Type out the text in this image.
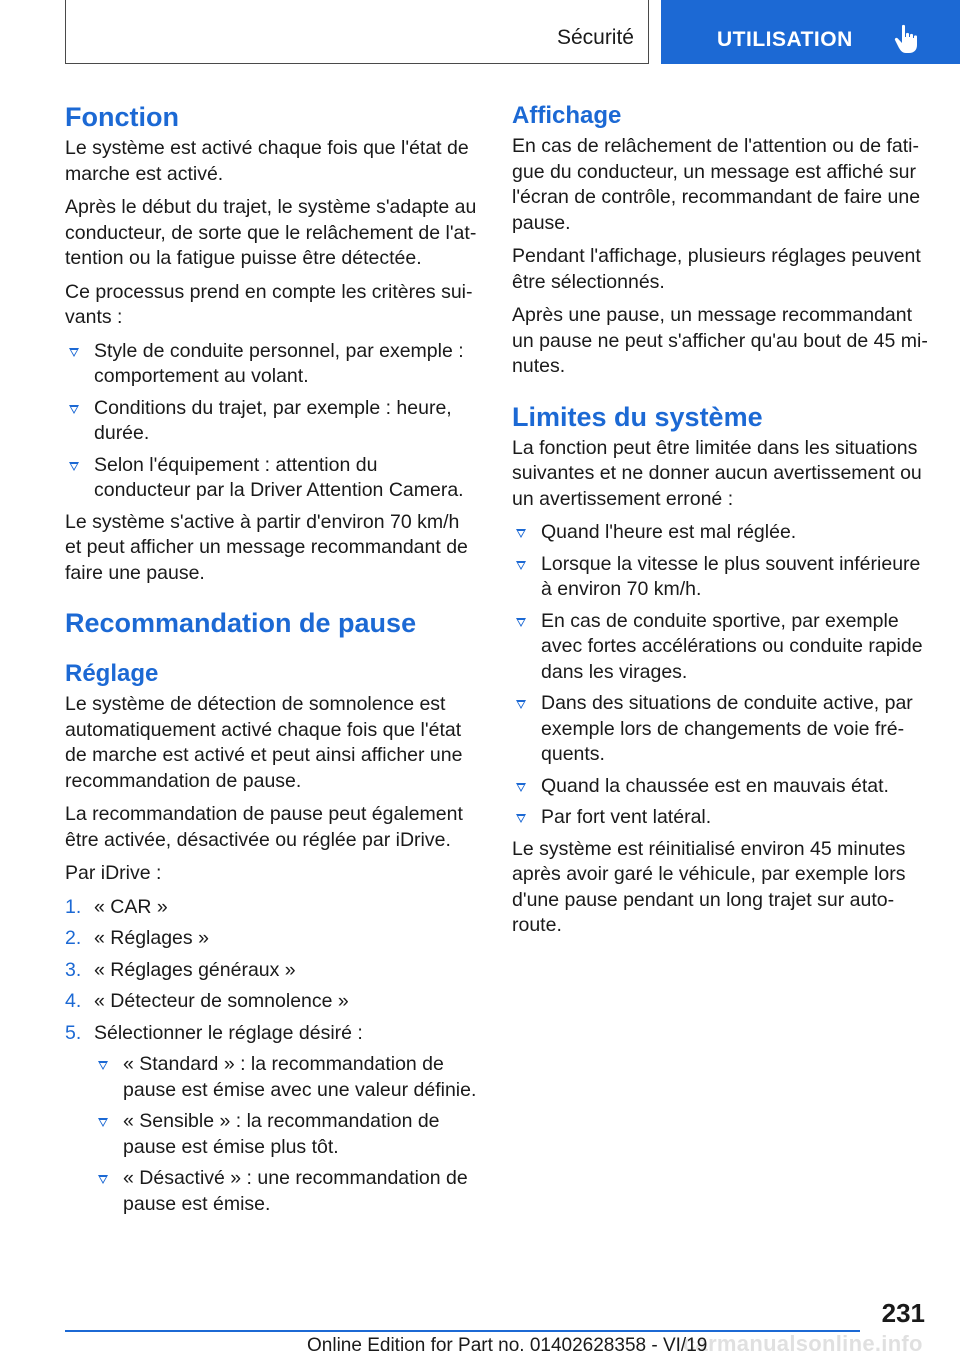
Sécurité	UTILISATION
Fonction

Le système est activé chaque fois que l'état de marche est activé.

Après le début du trajet, le système s'adapte au conducteur, de sorte que le relâchement de l'attention ou la fatigue puisse être détectée.

Ce processus prend en compte les critères suivants :

Style de conduite personnel, par exemple : comportement au volant.
Conditions du trajet, par exemple : heure, durée.
Selon l'équipement : attention du conducteur par la Driver Attention Camera.

Le système s'active à partir d'environ 70 km/h et peut afficher un message recommandant de faire une pause.

Recommandation de pause
Réglage

Le système de détection de somnolence est automatiquement activé chaque fois que l'état de marche est activé et peut ainsi afficher une recommandation de pause.

La recommandation de pause peut également être activée, désactivée ou réglée par iDrive.

Par iDrive :

1. « CAR »
2. « Réglages »
3. « Réglages généraux »
4. « Détecteur de somnolence »
5. Sélectionner le réglage désiré :
« Standard » : la recommandation de pause est émise avec une valeur définie.
« Sensible » : la recommandation de pause est émise plus tôt.
« Désactivé » : une recommandation de pause est émise.
Affichage

En cas de relâchement de l'attention ou de fatigue du conducteur, un message est affiché sur l'écran de contrôle, recommandant de faire une pause.

Pendant l'affichage, plusieurs réglages peuvent être sélectionnés.

Après une pause, un message recommandant un pause ne peut s'afficher qu'au bout de 45 minutes.

Limites du système

La fonction peut être limitée dans les situations suivantes et ne donner aucun avertissement ou un avertissement erroné :

Quand l'heure est mal réglée.
Lorsque la vitesse le plus souvent inférieure à environ 70 km/h.
En cas de conduite sportive, par exemple avec fortes accélérations ou conduite rapide dans les virages.
Dans des situations de conduite active, par exemple lors de changements de voie fréquents.
Quand la chaussée est en mauvais état.
Par fort vent latéral.

Le système est réinitialisé environ 45 minutes après avoir garé le véhicule, par exemple lors d'une pause pendant un long trajet sur autoroute.

231
carmanualsonline.info
Online Edition for Part no. 01402628358 - VI/19
